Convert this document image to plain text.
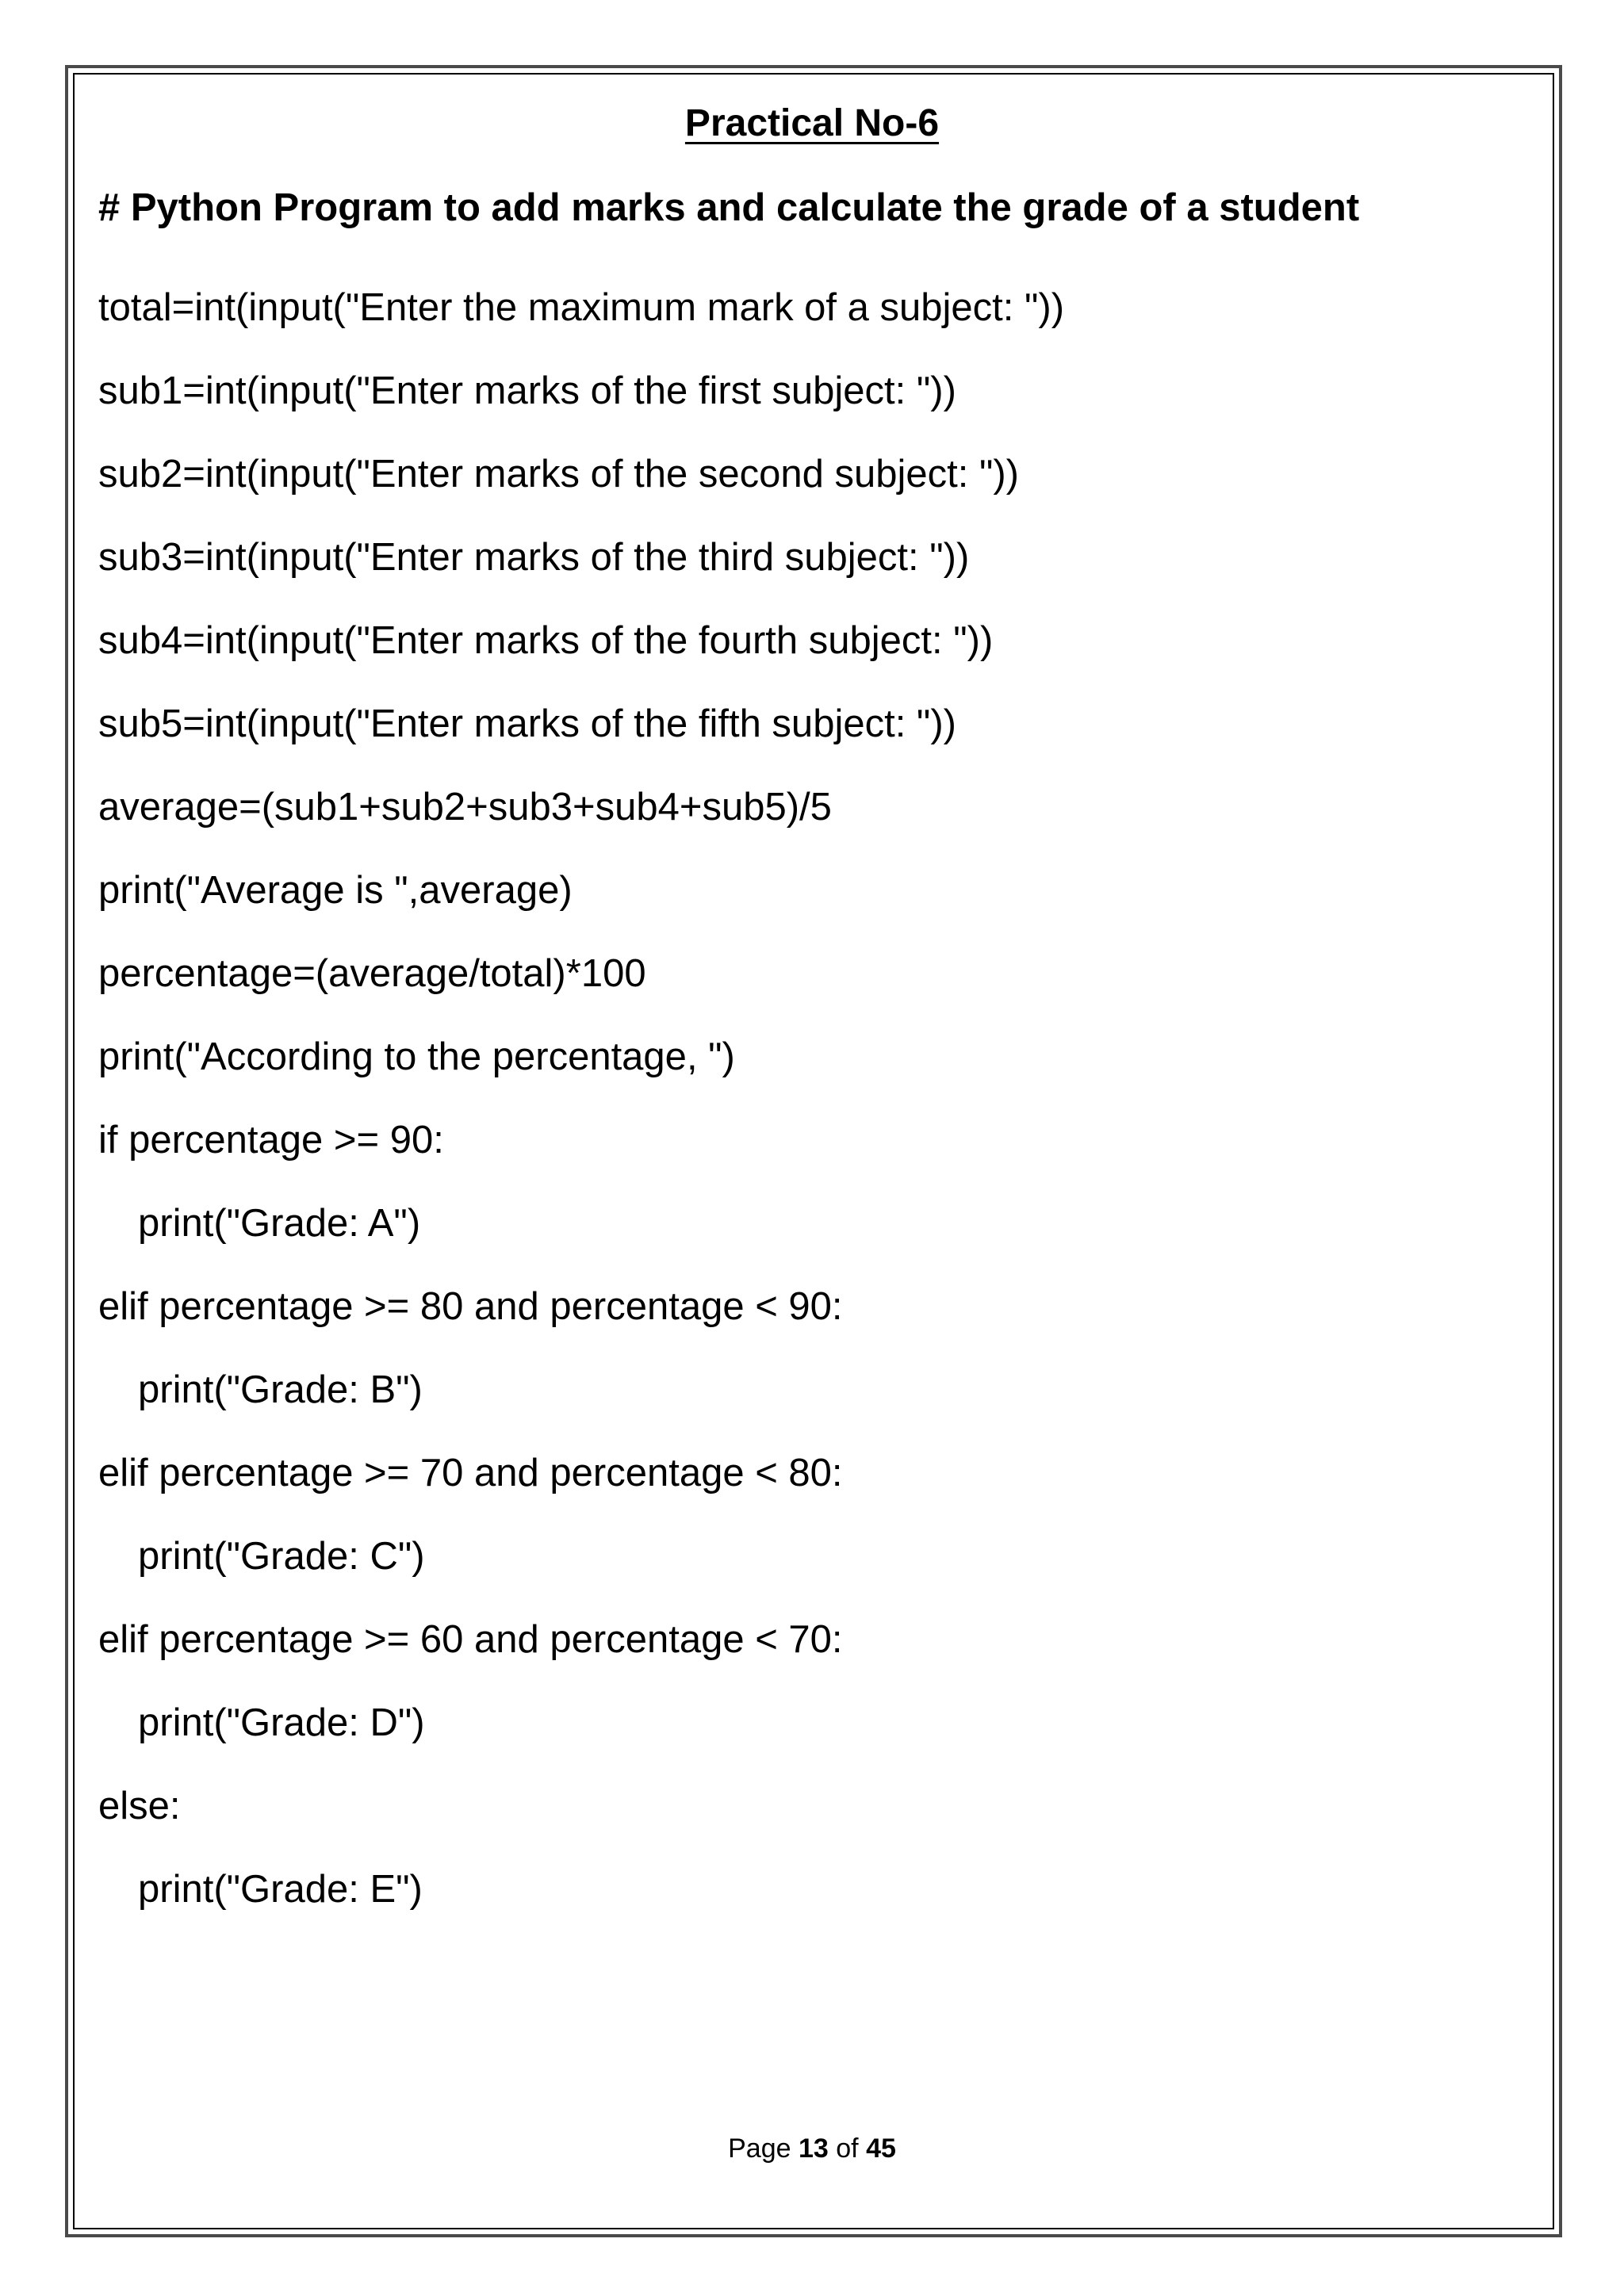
Practical No-6

# Python Program to add marks and calculate the grade of a student

total=int(input("Enter the maximum mark of a subject: "))
sub1=int(input("Enter marks of the first subject: "))
sub2=int(input("Enter marks of the second subject: "))
sub3=int(input("Enter marks of the third subject: "))
sub4=int(input("Enter marks of the fourth subject: "))
sub5=int(input("Enter marks of the fifth subject: "))
average=(sub1+sub2+sub3+sub4+sub5)/5
print("Average is ",average)
percentage=(average/total)*100
print("According to the percentage, ")
if percentage >= 90:
print("Grade: A")
elif percentage >= 80 and percentage < 90:
print("Grade: B")
elif percentage >= 70 and percentage < 80:
print("Grade: C")
elif percentage >= 60 and percentage < 70:
print("Grade: D")
else:
print("Grade: E")
Page 13 of 45
